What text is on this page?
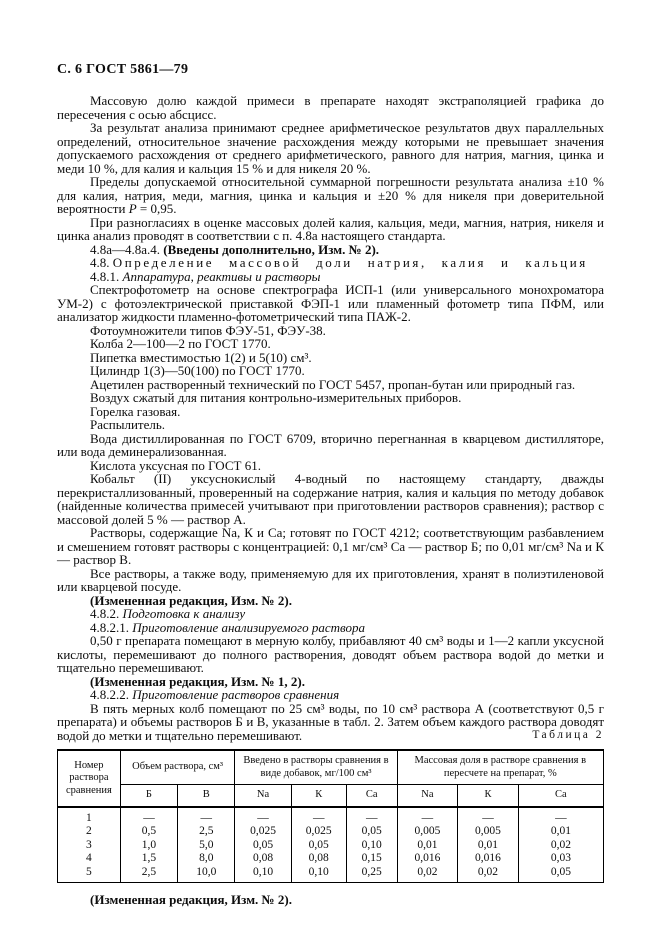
С. 6 ГОСТ 5861—79

Массовую долю каждой примеси в препарате находят экстраполяцией графика до пересечения с осью абсцисс.

За результат анализа принимают среднее арифметическое результатов двух параллельных определений, относительное значение расхождения между которыми не превышает значения допускаемого расхождения от среднего арифметического, равного для натрия, магния, цинка и меди 10 %, для калия и кальция 15 % и для никеля 20 %.

Пределы допускаемой относительной суммарной погрешности результата анализа ±10 % для калия, натрия, меди, магния, цинка и кальция и ±20 % для никеля при доверительной вероятности Р = 0,95.

При разногласиях в оценке массовых долей калия, кальция, меди, магния, натрия, никеля и цинка анализ проводят в соответствии с п. 4.8а настоящего стандарта.

4.8а—4.8а.4. (Введены дополнительно, Изм. № 2).

4.8. Определение массовой доли натрия, калия и кальция

4.8.1. Аппаратура, реактивы и растворы

Спектрофотометр на основе спектрографа ИСП-1 (или универсального монохроматора УМ-2) с фотоэлектрической приставкой ФЭП-1 или пламенный фотометр типа ПФМ, или анализатор жидкости пламенно-фотометрический типа ПАЖ-2.

Фотоумножители типов ФЭУ-51, ФЭУ-38.

Колба 2—100—2 по ГОСТ 1770.

Пипетка вместимостью 1(2) и 5(10) см³.

Цилиндр 1(3)—50(100) по ГОСТ 1770.

Ацетилен растворенный технический по ГОСТ 5457, пропан-бутан или природный газ.

Воздух сжатый для питания контрольно-измерительных приборов.

Горелка газовая.

Распылитель.

Вода дистиллированная по ГОСТ 6709, вторично перегнанная в кварцевом дистилляторе, или вода деминерализованная.

Кислота уксусная по ГОСТ 61.

Кобальт (II) уксуснокислый 4-водный по настоящему стандарту, дважды перекристаллизованный, проверенный на содержание натрия, калия и кальция по методу добавок (найденные количества примесей учитывают при приготовлении растворов сравнения); раствор с массовой долей 5 % — раствор А.

Растворы, содержащие Na, К и Са; готовят по ГОСТ 4212; соответствующим разбавлением и смешением готовят растворы с концентрацией: 0,1 мг/см³ Са — раствор Б; по 0,01 мг/см³ Na и К — раствор В.

Все растворы, а также воду, применяемую для их приготовления, хранят в полиэтиленовой или кварцевой посуде.

(Измененная редакция, Изм. № 2).

4.8.2. Подготовка к анализу

4.8.2.1. Приготовление анализируемого раствора

0,50 г препарата помещают в мерную колбу, прибавляют 40 см³ воды и 1—2 капли уксусной кислоты, перемешивают до полного растворения, доводят объем раствора водой до метки и тщательно перемешивают.

(Измененная редакция, Изм. № 1, 2).

4.8.2.2. Приготовление растворов сравнения

В пять мерных колб помещают по 25 см³ воды, по 10 см³ раствора А (соответствуют 0,5 г препарата) и объемы растворов Б и В, указанные в табл. 2. Затем объем каждого раствора доводят водой до метки и тщательно перемешивают.	Таблица 2

Номер раствора сравнения	Объем раствора, см³		Введено в растворы сравнения в виде добавок, мг/100 см³			Массовая доля в растворе сравнения в пересчете на препарат, %		
	Б	В	Na	К	Са	Na	К	Са
1	—	—	—	—	—	—	—	—
2	0,5	2,5	0,025	0,025	0,05	0,005	0,005	0,01
3	1,0	5,0	0,05	0,05	0,10	0,01	0,01	0,02
4	1,5	8,0	0,08	0,08	0,15	0,016	0,016	0,03
5	2,5	10,0	0,10	0,10	0,25	0,02	0,02	0,05

(Измененная редакция, Изм. № 2).
